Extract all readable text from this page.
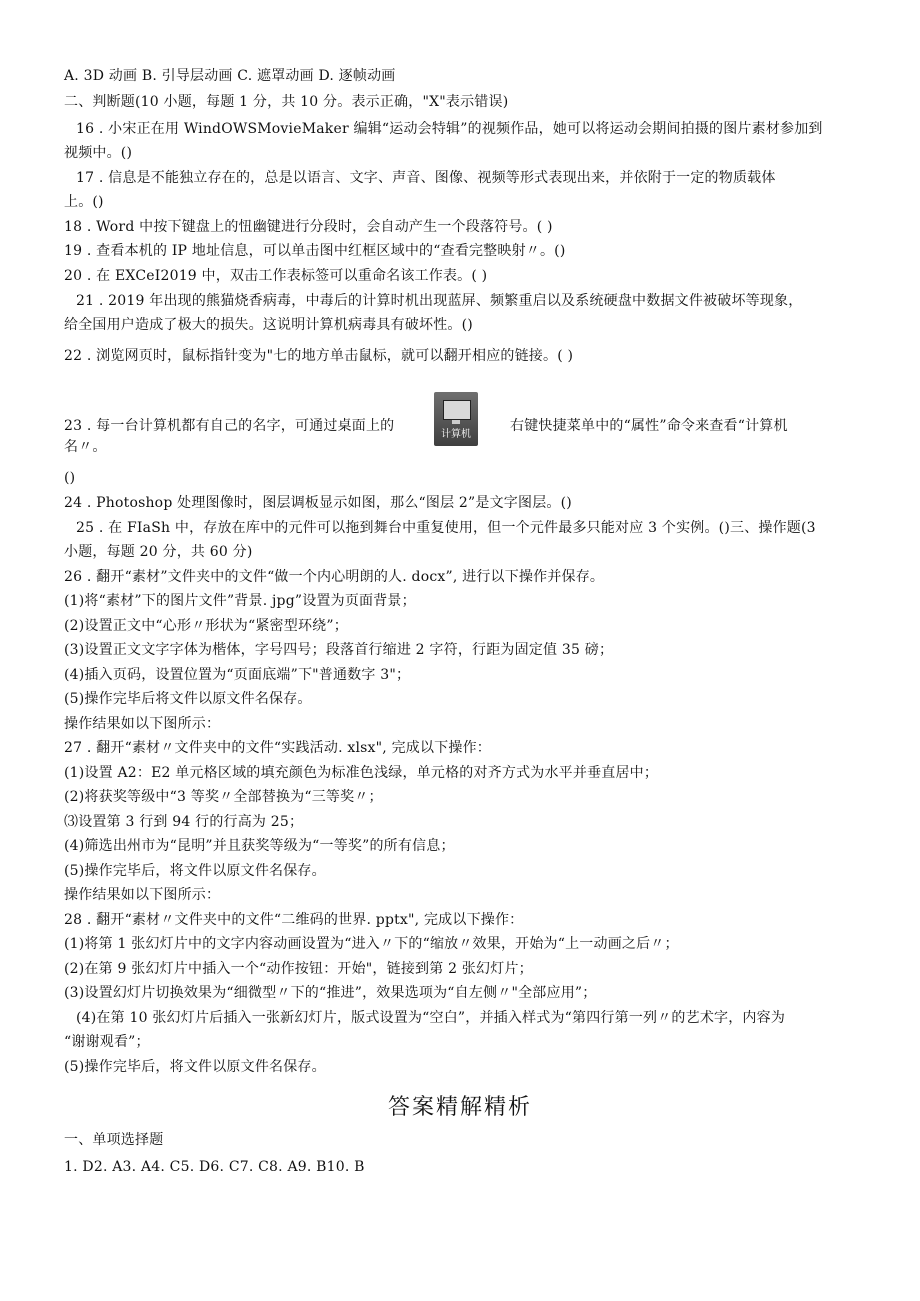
A. 3D 动画 B. 引导层动画 C. 遮罩动画 D. 逐帧动画
二、判断题(10 小题，每题 1 分，共 10 分。表示正确，"X"表示错误)
16 . 小宋正在用 WindOWSMovieMaker 编辑“运动会特辑”的视频作品，她可以将运动会期间拍摄的图片素材参加到
视频中。()
17 . 信息是不能独立存在的，总是以语言、文字、声音、图像、视频等形式表现出来，并依附于一定的物质载体
上。()
18 . Word 中按下键盘上的忸幽键进行分段时，会自动产生一个段落符号。( )
19 . 查看本机的 IP 地址信息，可以单击图中红框区域中的“查看完整映射〃。()
20 . 在 EXCeI2019 中，双击工作表标签可以重命名该工作表。( )
21 . 2019 年出现的熊猫烧香病毒，中毒后的计算时机出现蓝屏、频繁重启以及系统硬盘中数据文件被破坏等现象，
给全国用户造成了极大的损失。这说明计算机病毒具有破坏性。()
22 . 浏览网页时，鼠标指针变为"七的地方单击鼠标，就可以翻开相应的链接。( )
23 . 每一台计算机都有自己的名字，可通过桌面上的
计算机
右键快捷菜单中的“属性”命令来查看“计算机
名〃。
()
24 . Photoshop 处理图像时，图层调板显示如图，那么“图层 2”是文字图层。()
25 . 在 FIaSh 中，存放在库中的元件可以拖到舞台中重复使用，但一个元件最多只能对应 3 个实例。()三、操作题(3
小题，每题 20 分，共 60 分)
26 . 翻开“素材”文件夹中的文件“做一个内心明朗的人. docx”, 进行以下操作并保存。
(1)将“素材”下的图片文件”背景. jpg”设置为页面背景；
(2)设置正文中“心形〃形状为“紧密型环绕”；
(3)设置正文文字字体为楷体，字号四号；段落首行缩进 2 字符，行距为固定值 35 磅；
(4)插入页码，设置位置为“页面底端”下"普通数字 3"；
(5)操作完毕后将文件以原文件名保存。
操作结果如以下图所示：
27 . 翻开“素材〃文件夹中的文件“实践活动. xlsx", 完成以下操作：
(1)设置 A2：E2 单元格区域的填充颜色为标准色浅绿，单元格的对齐方式为水平并垂直居中；
(2)将获奖等级中“3 等奖〃全部替换为“三等奖〃；
⑶设置第 3 行到 94 行的行高为 25；
(4)筛选出州市为“昆明”并且获奖等级为“一等奖”的所有信息；
(5)操作完毕后，将文件以原文件名保存。
操作结果如以下图所示：
28 . 翻开“素材〃文件夹中的文件“二维码的世界. pptx", 完成以下操作：
(1)将第 1 张幻灯片中的文字内容动画设置为“进入〃下的“缩放〃效果，开始为“上一动画之后〃；
(2)在第 9 张幻灯片中插入一个“动作按钮：开始"，链接到第 2 张幻灯片；
(3)设置幻灯片切换效果为“细微型〃下的“推进”，效果选项为“自左侧〃"全部应用”；
(4)在第 10 张幻灯片后插入一张新幻灯片，版式设置为“空白”，并插入样式为“第四行第一列〃的艺术字，内容为
“谢谢观看”；
(5)操作完毕后，将文件以原文件名保存。
答案精解精析
一、单项选择题
1. D2. A3. A4. C5. D6. C7. C8. A9. B10. B
